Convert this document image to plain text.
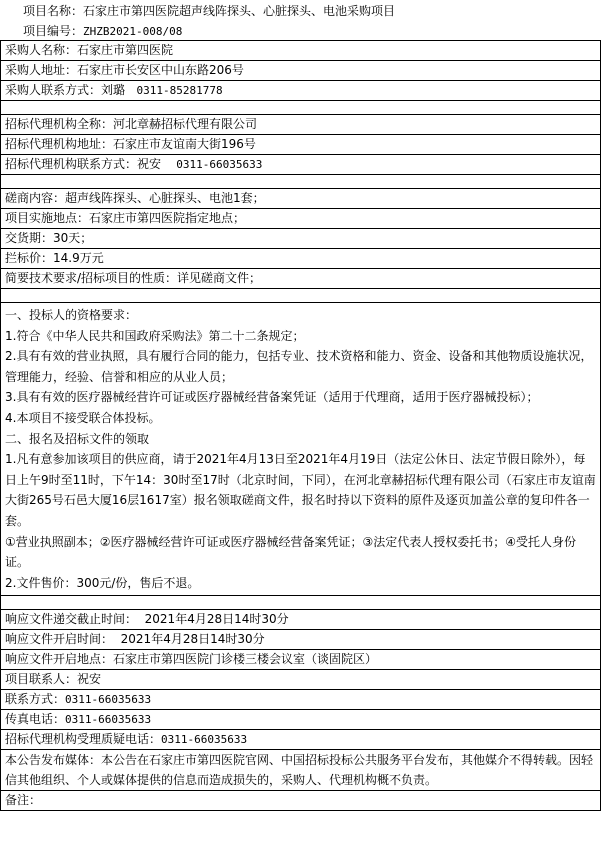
项目名称：石家庄市第四医院超声线阵探头、心脏探头、电池采购项目
项目编号：ZHZB2021-008/08
采购人名称：石家庄市第四医院
采购人地址：石家庄市长安区中山东路206号
采购人联系方式：刘璐 0311-85281778

招标代理机构全称：河北章赫招标代理有限公司
招标代理机构地址：石家庄市友谊南大街196号
招标代理机构联系方式：祝安 0311-66035633

磋商内容：超声线阵探头、心脏探头、电池1套；
项目实施地点：石家庄市第四医院指定地点；
交货期：30天；
拦标价：14.9万元
简要技术要求/招标项目的性质：详见磋商文件；

一、投标人的资格要求：

1.符合《中华人民共和国政府采购法》第二十二条规定；

2.具有有效的营业执照，具有履行合同的能力，包括专业、技术资格和能力、资金、设备和其他物质设施状况，管理能力，经验、信誉和相应的从业人员；

3.具有有效的医疗器械经营许可证或医疗器械经营备案凭证（适用于代理商，适用于医疗器械投标）；

4.本项目不接受联合体投标。

二、报名及招标文件的领取

1.凡有意参加该项目的供应商，请于2021年4月13日至2021年4月19日（法定公休日、法定节假日除外），每日上午9时至11时，下午14：30时至17时（北京时间，下同），在河北章赫招标代理有限公司（石家庄市友谊南大街265号石邑大厦16层1617室）报名领取磋商文件，报名时持以下资料的原件及逐页加盖公章的复印件各一套。

①营业执照副本；②医疗器械经营许可证或医疗器械经营备案凭证；③法定代表人授权委托书；④受托人身份证。

2.文件售价：300元/份，售后不退。

响应文件递交截止时间： 2021年4月28日14时30分
响应文件开启时间： 2021年4月28日14时30分
响应文件开启地点：石家庄市第四医院门诊楼三楼会议室（谈固院区）
项目联系人：祝安
联系方式：0311-66035633
传真电话：0311-66035633
招标代理机构受理质疑电话：0311-66035633
本公告发布媒体：本公告在石家庄市第四医院官网、中国招标投标公共服务平台发布，其他媒介不得转载。因轻信其他组织、个人或媒体提供的信息而造成损失的，采购人、代理机构概不负责。
备注：
